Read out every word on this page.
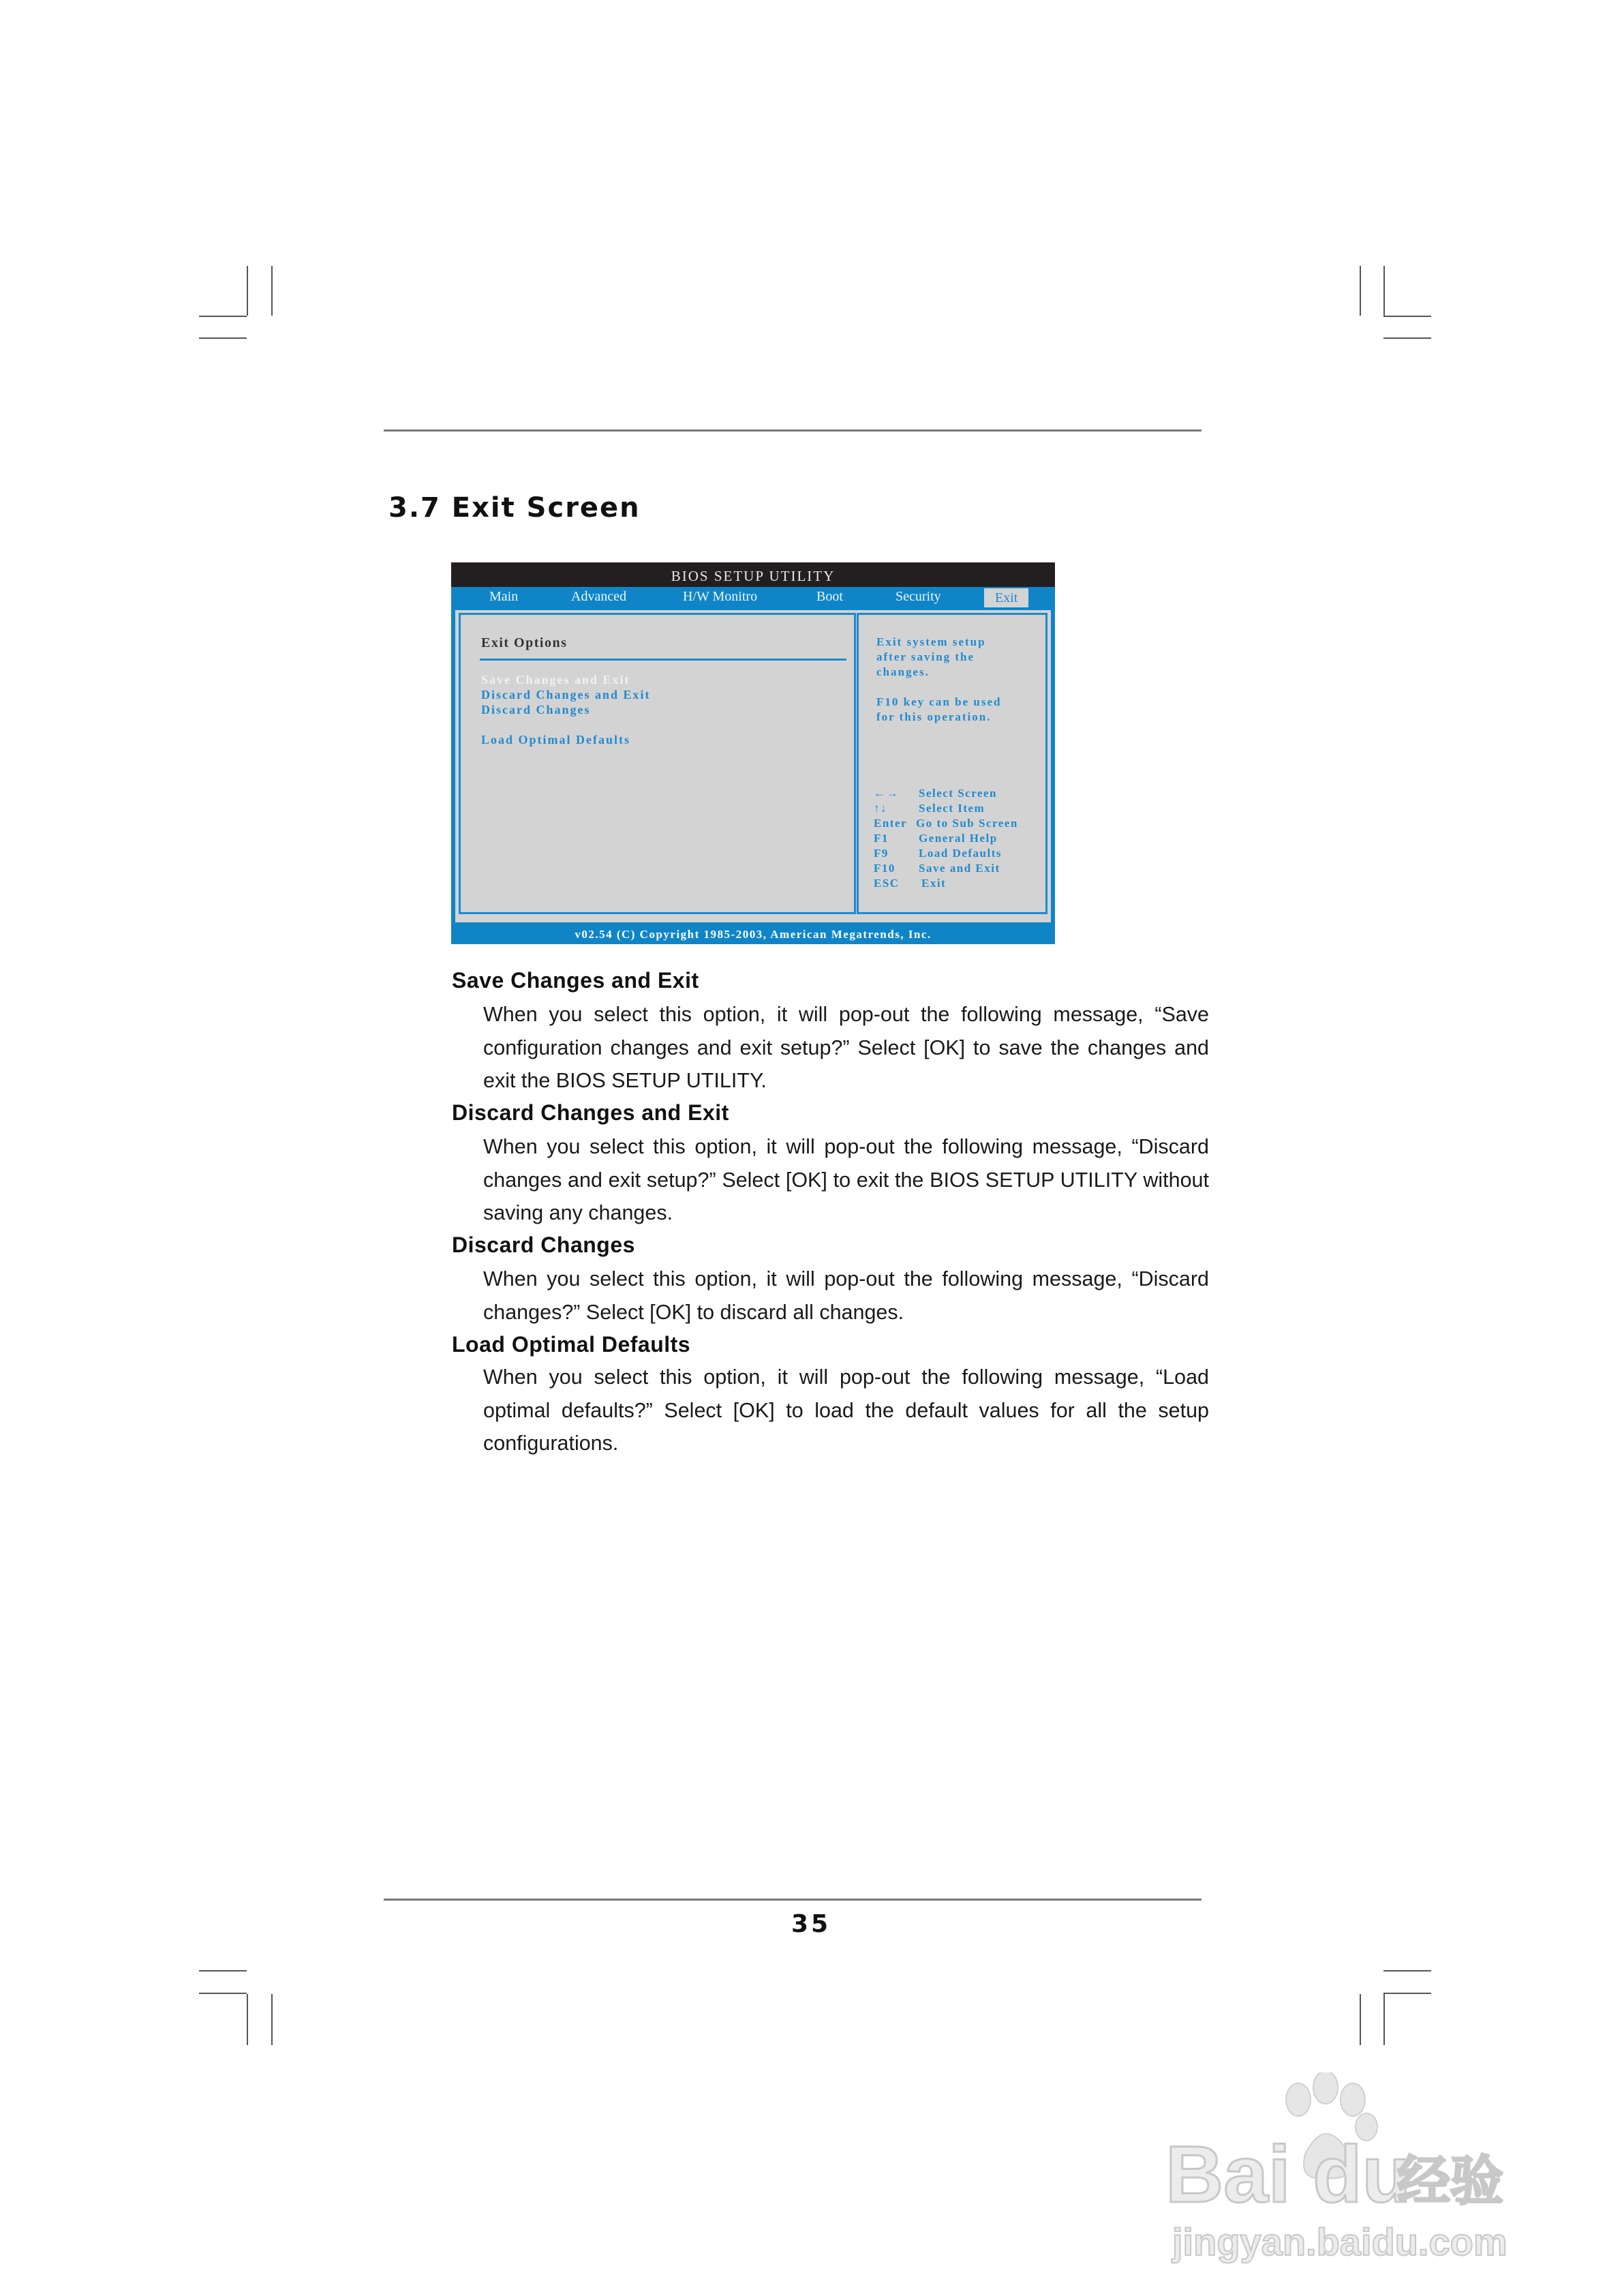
3.7 Exit Screen
BIOS SETUP UTILITY
Main	Advanced	H/W Monitro	Boot	Security	Exit
Exit Options
Save Changes and Exit
Discard Changes and Exit
Discard Changes
Load Optimal Defaults
Exit system setup
after saving the
changes.
F10 key can be used
for this operation.
←→ Select Screen
↑↓	Select Item
Enter Go to Sub Screen
F1	General Help
F9	Load Defaults
F10 Save and Exit
ESC Exit
v02.54 (C) Copyright 1985-2003, American Megatrends, Inc.
Save Changes and Exit

When you select this option, it will pop-out the following message, “Save configuration changes and exit setup?” Select [OK] to save the changes and exit the BIOS SETUP UTILITY.

Discard Changes and Exit

When you select this option, it will pop-out the following message, “Discard changes and exit setup?” Select [OK] to exit the BIOS SETUP UTILITY without saving any changes.

Discard Changes

When you select this option, it will pop-out the following message, “Discard changes?” Select [OK] to discard all changes.

Load Optimal Defaults

When you select this option, it will pop-out the following message, “Load optimal defaults?” Select [OK] to load the default values for all the setup configurations.

35
Bai du
经验
jingyan.baidu.com
